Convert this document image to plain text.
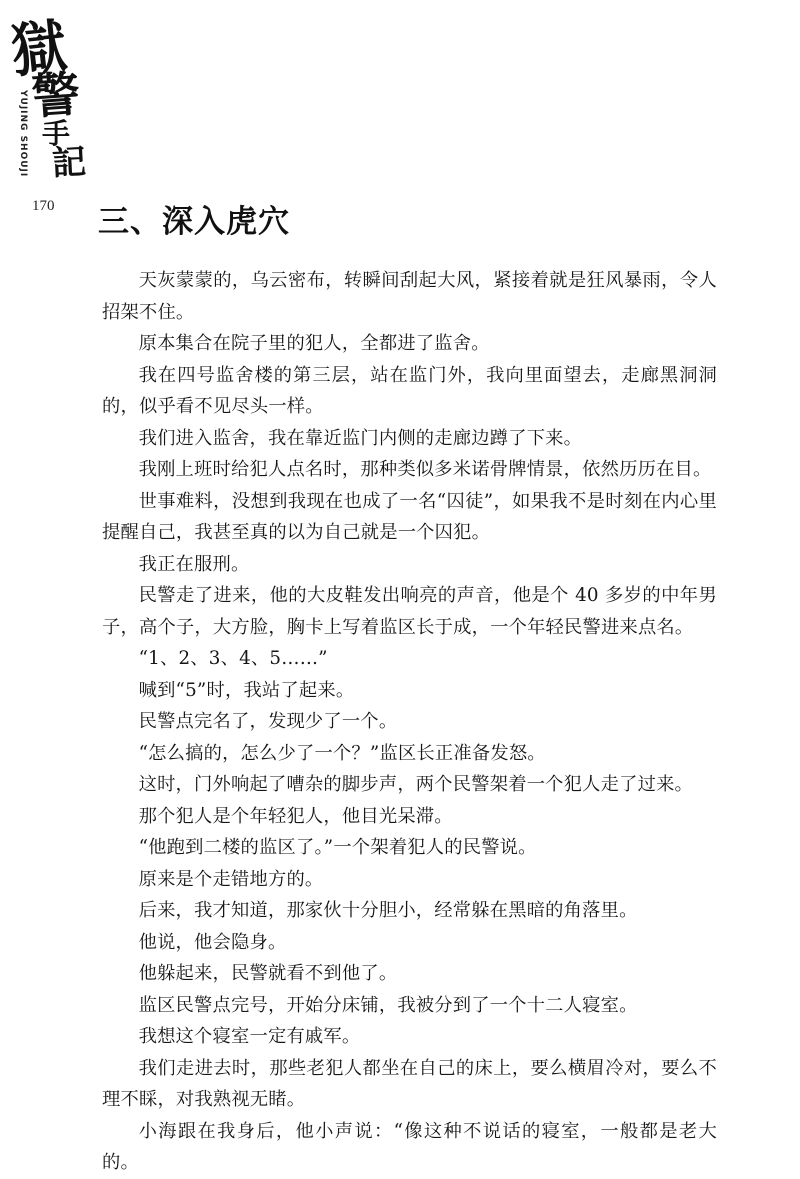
獄
警
手
記
YUJING SHOUJI
170 三、深入虎穴

天灰蒙蒙的，乌云密布，转瞬间刮起大风，紧接着就是狂风暴雨，令人招架不住。

原本集合在院子里的犯人，全都进了监舍。

我在四号监舍楼的第三层，站在监门外，我向里面望去，走廊黑洞洞的，似乎看不见尽头一样。

我们进入监舍，我在靠近监门内侧的走廊边蹲了下来。

我刚上班时给犯人点名时，那种类似多米诺骨牌情景，依然历历在目。

世事难料，没想到我现在也成了一名“囚徒”，如果我不是时刻在内心里提醒自己，我甚至真的以为自己就是一个囚犯。

我正在服刑。

民警走了进来，他的大皮鞋发出响亮的声音，他是个 40 多岁的中年男子，高个子，大方脸，胸卡上写着监区长于成，一个年轻民警进来点名。

“1、2、3、4、5……”

喊到“5”时，我站了起来。

民警点完名了，发现少了一个。

“怎么搞的，怎么少了一个？”监区长正准备发怒。

这时，门外响起了嘈杂的脚步声，两个民警架着一个犯人走了过来。

那个犯人是个年轻犯人，他目光呆滞。

“他跑到二楼的监区了。”一个架着犯人的民警说。

原来是个走错地方的。

后来，我才知道，那家伙十分胆小，经常躲在黑暗的角落里。

他说，他会隐身。

他躲起来，民警就看不到他了。

监区民警点完号，开始分床铺，我被分到了一个十二人寝室。

我想这个寝室一定有戚军。

我们走进去时，那些老犯人都坐在自己的床上，要么横眉冷对，要么不理不睬，对我熟视无睹。

小海跟在我身后，他小声说：“像这种不说话的寝室，一般都是老大的。
